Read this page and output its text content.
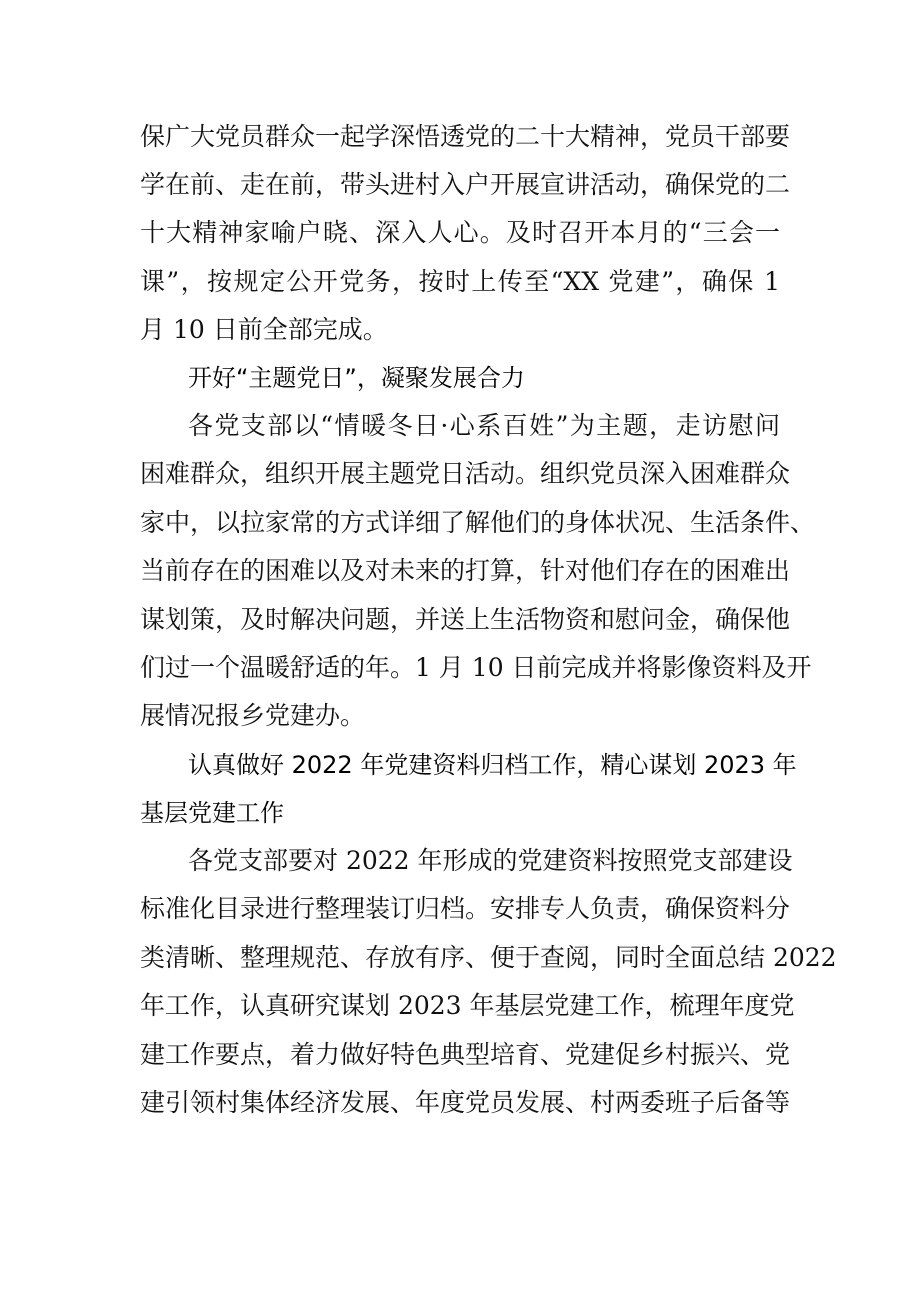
保广大党员群众一起学深悟透党的二十大精神，党员干部要
学在前、走在前，带头进村入户开展宣讲活动，确保党的二
十大精神家喻户晓、深入人心。及时召开本月的“三会一
课”，按规定公开党务，按时上传至“XX 党建”，确保 1
月 10 日前全部完成。
开好“主题党日”，凝聚发展合力
各党支部以“情暖冬日·心系百姓”为主题，走访慰问
困难群众，组织开展主题党日活动。组织党员深入困难群众
家中，以拉家常的方式详细了解他们的身体状况、生活条件、
当前存在的困难以及对未来的打算，针对他们存在的困难出
谋划策，及时解决问题，并送上生活物资和慰问金，确保他
们过一个温暖舒适的年。1 月 10 日前完成并将影像资料及开
展情况报乡党建办。
认真做好 2022 年党建资料归档工作，精心谋划 2023 年
基层党建工作
各党支部要对 2022 年形成的党建资料按照党支部建设
标准化目录进行整理装订归档。安排专人负责，确保资料分
类清晰、整理规范、存放有序、便于查阅，同时全面总结 2022
年工作，认真研究谋划 2023 年基层党建工作，梳理年度党
建工作要点，着力做好特色典型培育、党建促乡村振兴、党
建引领村集体经济发展、年度党员发展、村两委班子后备等
